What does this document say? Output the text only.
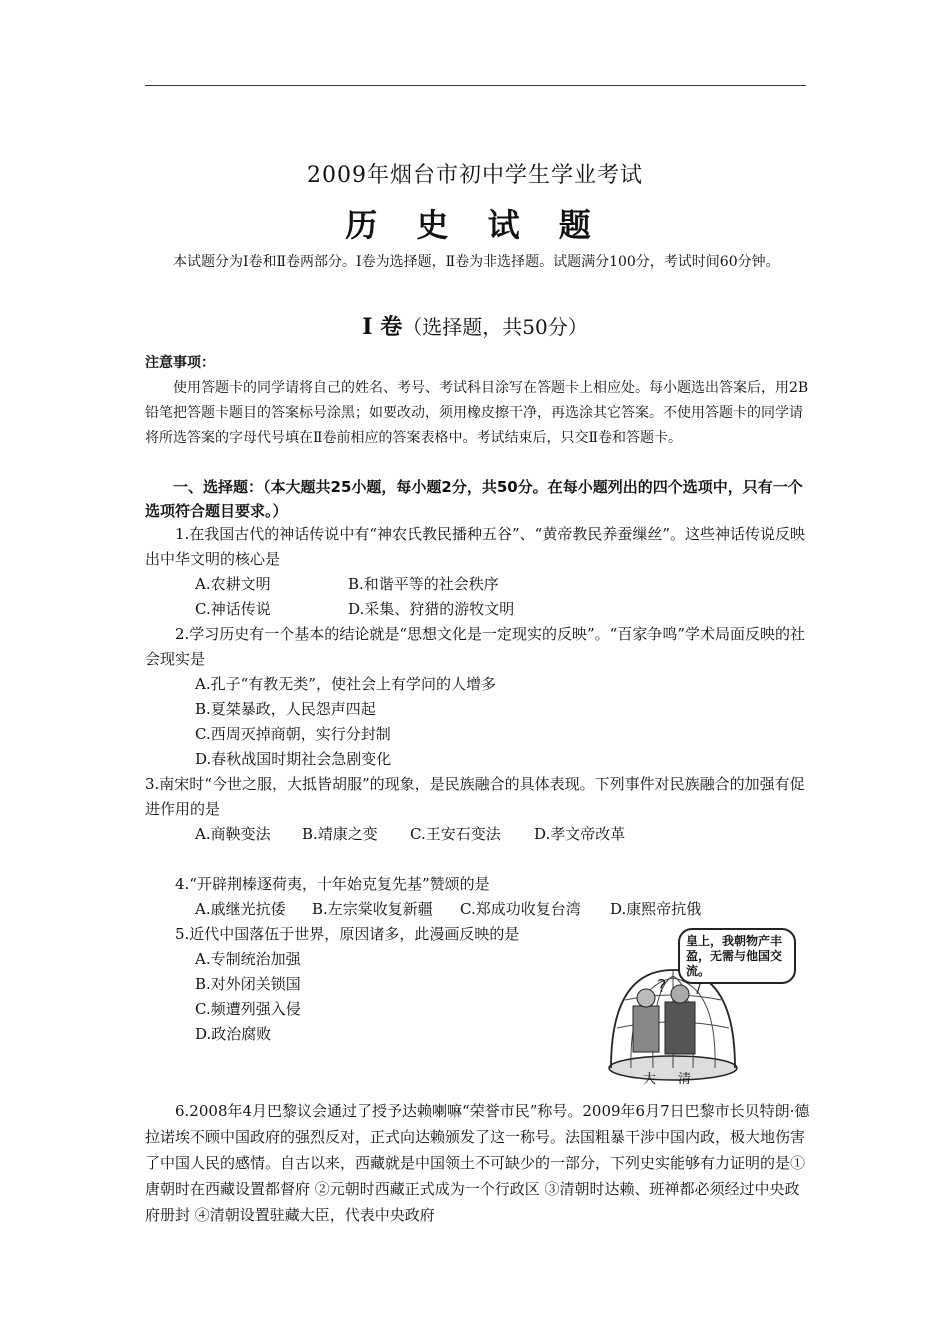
2009年烟台市初中学生学业考试
历 史 试 题
本试题分为Ⅰ卷和Ⅱ卷两部分。Ⅰ卷为选择题，Ⅱ卷为非选择题。试题满分100分，考试时间60分钟。
Ⅰ 卷（选择题，共50分）
注意事项：
使用答题卡的同学请将自己的姓名、考号、考试科目涂写在答题卡上相应处。每小题选出答案后，用2B铅笔把答题卡题目的答案标号涂黑；如要改动，须用橡皮擦干净，再选涂其它答案。不使用答题卡的同学请将所选答案的字母代号填在Ⅱ卷前相应的答案表格中。考试结束后，只交Ⅱ卷和答题卡。
一、选择题：（本大题共25小题，每小题2分，共50分。在每小题列出的四个选项中，只有一个选项符合题目要求。）
1.在我国古代的神话传说中有“神农氏教民播种五谷”、“黄帝教民养蚕缫丝”。这些神话传说反映出中华文明的核心是
A.农耕文明	B.和谐平等的社会秩序
C.神话传说	D.采集、狩猎的游牧文明
2.学习历史有一个基本的结论就是“思想文化是一定现实的反映”。“百家争鸣”学术局面反映的社会现实是
A.孔子“有教无类”，使社会上有学问的人增多
B.夏桀暴政，人民怨声四起
C.西周灭掉商朝，实行分封制
D.春秋战国时期社会急剧变化
3.南宋时“今世之服，大抵皆胡服”的现象，是民族融合的具体表现。下列事件对民族融合的加强有促进作用的是
A.商鞅变法 B.靖康之变 C.王安石变法 D.孝文帝改革
4.“开辟荆榛逐荷夷，十年始克复先基”赞颂的是
A.戚继光抗倭 B.左宗棠收复新疆 C.郑成功收复台湾 D.康熙帝抗俄
5.近代中国落伍于世界，原因诸多，此漫画反映的是
A.专制统治加强
B.对外闭关锁国
C.频遭列强入侵
D.政治腐败
?
皇上，我朝物产丰盈，无需与他国交流。
大清
6.2008年4月巴黎议会通过了授予达赖喇嘛“荣誉市民”称号。2009年6月7日巴黎市长贝特朗·德拉诺埃不顾中国政府的强烈反对，正式向达赖颁发了这一称号。法国粗暴干涉中国内政，极大地伤害了中国人民的感情。自古以来，西藏就是中国领土不可缺少的一部分，下列史实能够有力证明的是①唐朝时在西藏设置都督府 ②元朝时西藏正式成为一个行政区 ③清朝时达赖、班禅都必须经过中央政府册封 ④清朝设置驻藏大臣，代表中央政府
